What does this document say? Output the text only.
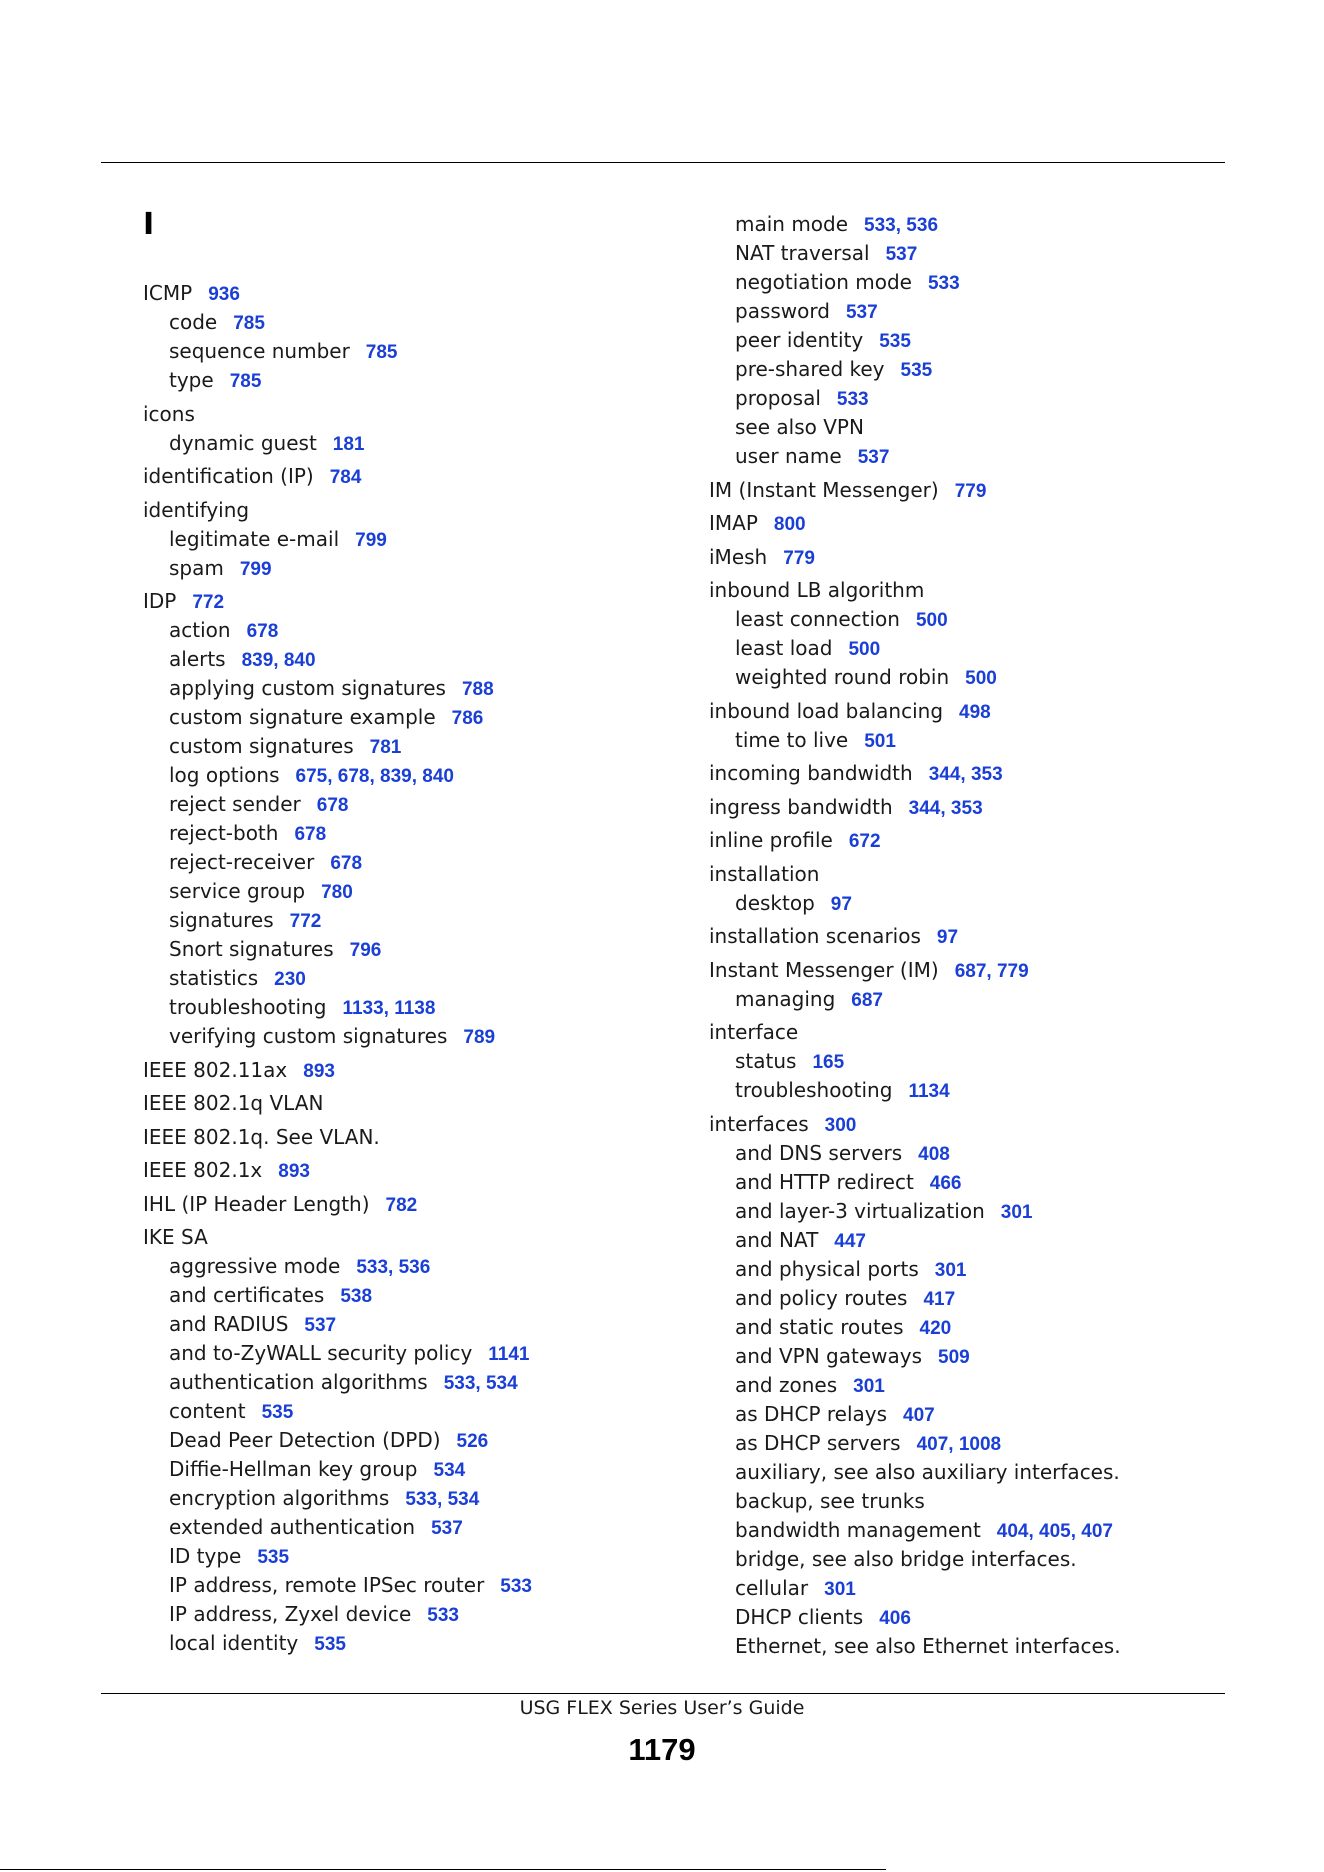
I
ICMP 936
code 785
sequence number 785
type 785
icons
dynamic guest 181
identification (IP) 784
identifying
legitimate e-mail 799
spam 799
IDP 772
action 678
alerts 839, 840
applying custom signatures 788
custom signature example 786
custom signatures 781
log options 675, 678, 839, 840
reject sender 678
reject-both 678
reject-receiver 678
service group 780
signatures 772
Snort signatures 796
statistics 230
troubleshooting 1133, 1138
verifying custom signatures 789
IEEE 802.11ax 893
IEEE 802.1q VLAN
IEEE 802.1q. See VLAN.
IEEE 802.1x 893
IHL (IP Header Length) 782
IKE SA
aggressive mode 533, 536
and certificates 538
and RADIUS 537
and to-ZyWALL security policy 1141
authentication algorithms 533, 534
content 535
Dead Peer Detection (DPD) 526
Diffie-Hellman key group 534
encryption algorithms 533, 534
extended authentication 537
ID type 535
IP address, remote IPSec router 533
IP address, Zyxel device 533
local identity 535
main mode 533, 536
NAT traversal 537
negotiation mode 533
password 537
peer identity 535
pre-shared key 535
proposal 533
see also VPN
user name 537
IM (Instant Messenger) 779
IMAP 800
iMesh 779
inbound LB algorithm
least connection 500
least load 500
weighted round robin 500
inbound load balancing 498
time to live 501
incoming bandwidth 344, 353
ingress bandwidth 344, 353
inline profile 672
installation
desktop 97
installation scenarios 97
Instant Messenger (IM) 687, 779
managing 687
interface
status 165
troubleshooting 1134
interfaces 300
and DNS servers 408
and HTTP redirect 466
and layer-3 virtualization 301
and NAT 447
and physical ports 301
and policy routes 417
and static routes 420
and VPN gateways 509
and zones 301
as DHCP relays 407
as DHCP servers 407, 1008
auxiliary, see also auxiliary interfaces.
backup, see trunks
bandwidth management 404, 405, 407
bridge, see also bridge interfaces.
cellular 301
DHCP clients 406
Ethernet, see also Ethernet interfaces.
USG FLEX Series User’s Guide
1179
